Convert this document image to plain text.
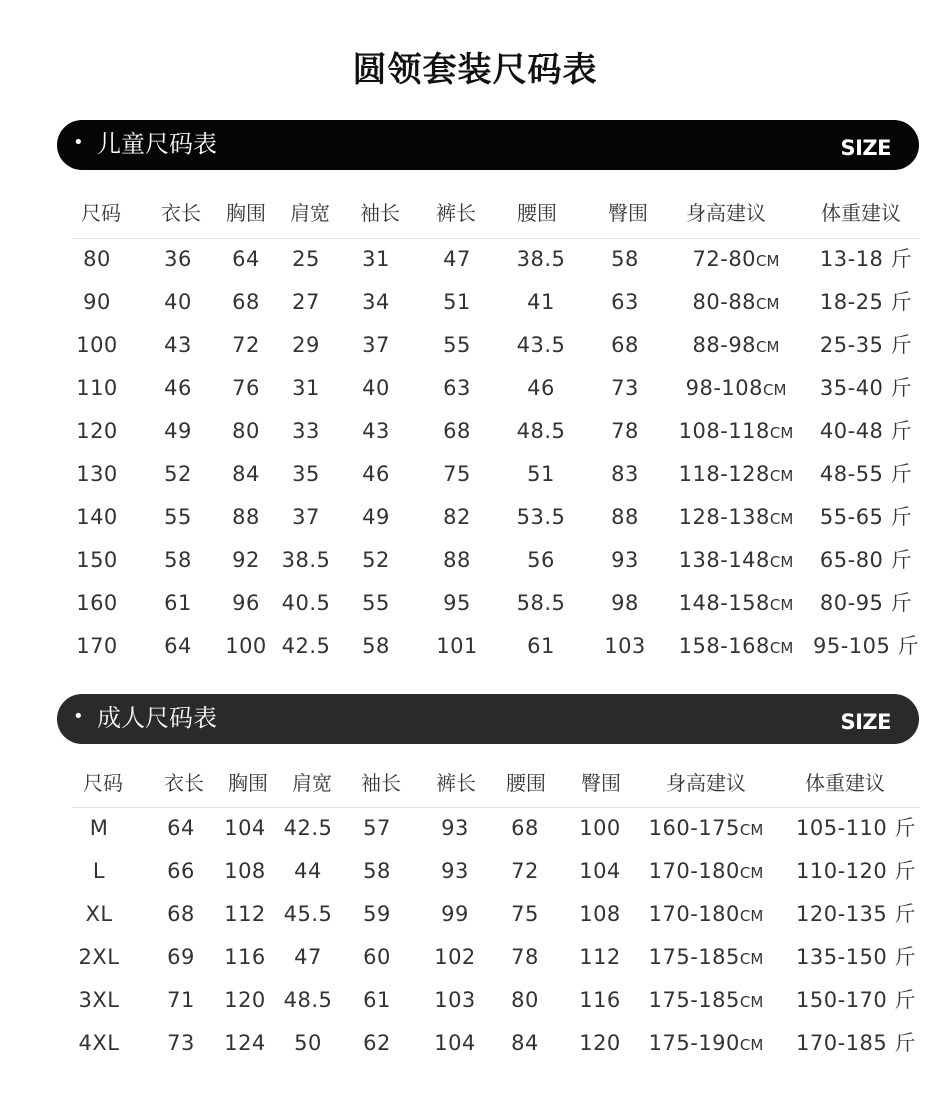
圆领套装尺码表
• 儿童尺码表	SIZE
尺码 衣长 胸围 肩宽 袖长 裤长 腰围	臀围 身高建议	体重建议
80	36 64 25 31	47 38.5 58	72-80CM 13-18 斤
90	40 68 27 34	51	41	63	80-88CM 18-25 斤
100 43 72 29 37	55 43.5 68	88-98CM 25-35 斤
110 46 76 31 40	63	46	73 98-108CM 35-40 斤
120 49 80 33 43	68 48.5 78 108-118CM 40-48 斤
130 52 84 35 46	75	51	83 118-128CM 48-55 斤
140 55 88 37 49	82 53.5 88 128-138CM 55-65 斤
150 58 92 38.5 52	88	56	93 138-148CM 65-80 斤
160 61 96 40.5 55	95 58.5 98 148-158CM 80-95 斤
170 64 100 42.5 58 101 61 103 158-168CM 95-105 斤
• 成人尺码表	SIZE
尺码 衣长 胸围 肩宽 袖长 裤长 腰围 臀围 身高建议	体重建议
M	64 104 42.5 57 93 68 100 160-175CM 105-110 斤
L	66 108 44 58 93 72 104 170-180CM 110-120 斤
XL	68 112 45.5 59 99 75 108 170-180CM 120-135 斤
2XL 69 116 47 60 102 78 112 175-185CM 135-150 斤
3XL 71 120 48.5 61 103 80 116 175-185CM 150-170 斤
4XL 73 124 50 62 104 84 120 175-190CM 170-185 斤
